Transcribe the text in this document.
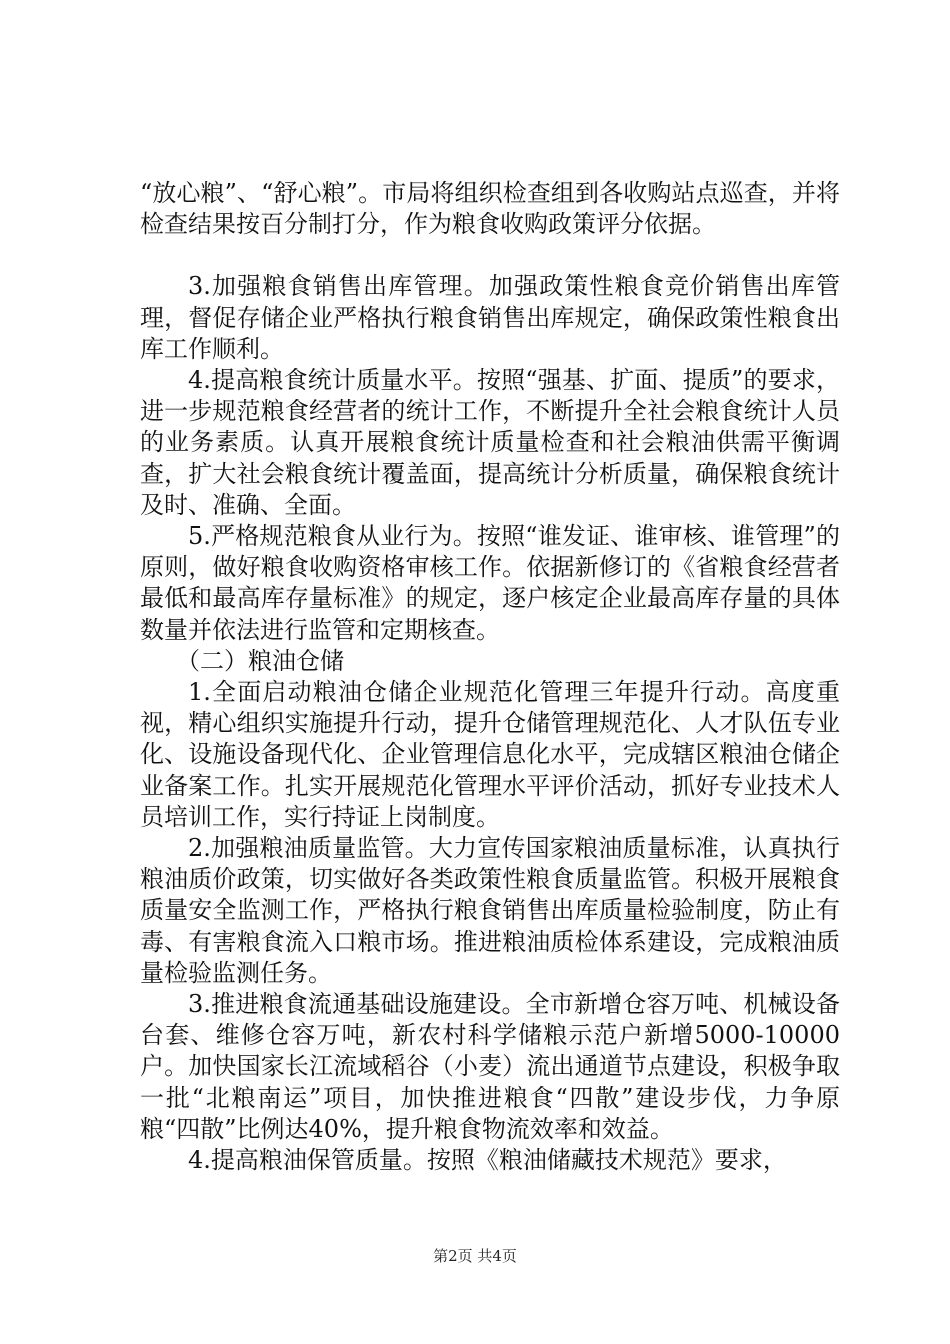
“放心粮”、“舒心粮”。市局将组织检查组到各收购站点巡查，并将检查结果按百分制打分，作为粮食收购政策评分依据。

3.加强粮食销售出库管理。加强政策性粮食竞价销售出库管理，督促存储企业严格执行粮食销售出库规定，确保政策性粮食出库工作顺利。

4.提高粮食统计质量水平。按照“强基、扩面、提质”的要求，进一步规范粮食经营者的统计工作，不断提升全社会粮食统计人员的业务素质。认真开展粮食统计质量检查和社会粮油供需平衡调查，扩大社会粮食统计覆盖面，提高统计分析质量，确保粮食统计及时、准确、全面。

5.严格规范粮食从业行为。按照“谁发证、谁审核、谁管理”的原则，做好粮食收购资格审核工作。依据新修订的《省粮食经营者最低和最高库存量标准》的规定，逐户核定企业最高库存量的具体数量并依法进行监管和定期核查。

（二）粮油仓储

1.全面启动粮油仓储企业规范化管理三年提升行动。高度重视，精心组织实施提升行动，提升仓储管理规范化、人才队伍专业化、设施设备现代化、企业管理信息化水平，完成辖区粮油仓储企业备案工作。扎实开展规范化管理水平评价活动，抓好专业技术人员培训工作，实行持证上岗制度。

2.加强粮油质量监管。大力宣传国家粮油质量标准，认真执行粮油质价政策，切实做好各类政策性粮食质量监管。积极开展粮食质量安全监测工作，严格执行粮食销售出库质量检验制度，防止有毒、有害粮食流入口粮市场。推进粮油质检体系建设，完成粮油质量检验监测任务。

3.推进粮食流通基础设施建设。全市新增仓容万吨、机械设备台套、维修仓容万吨，新农村科学储粮示范户新增5000-10000户。加快国家长江流域稻谷（小麦）流出通道节点建设，积极争取一批“北粮南运”项目，加快推进粮食“四散”建设步伐，力争原粮“四散”比例达40%，提升粮食物流效率和效益。

4.提高粮油保管质量。按照《粮油储藏技术规范》要求，

第2页 共4页
